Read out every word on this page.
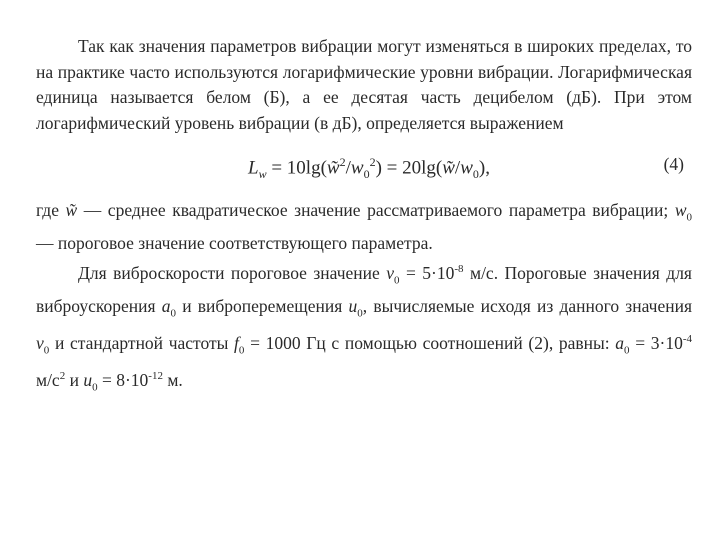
Так как значения параметров вибрации могут изменяться в широких пределах, то на практике часто используются логарифмические уровни вибрации. Логарифмическая единица называется белом (Б), а ее десятая часть децибелом (дБ). При этом логарифмический уровень вибрации (в дБ), определяется выражением

$L_w$ = $10\lg(w̃^2/w_0^2)$ = $20\lg(w̃/w_0)$,	(4)

где w̃ — среднее квадратическое значение рассматриваемого параметра вибрации; $w_0$ — пороговое значение соответствующего параметра.

Для виброскорости пороговое значение $v_0 = 5\cdot 10^{-8}$ м/с. Пороговые значения для виброускорения $a_0$ и виброперемещения $u_0$, вычисляемые исходя из данного значения $v_0$ и стандартной частоты $f_0 = 1000$ Гц с помощью соотношений (2), равны: $a_0 = 3\cdot 10^{-4}$ $м/с^2$ и $u_0 = 8\cdot 10^{-12}$ м.
